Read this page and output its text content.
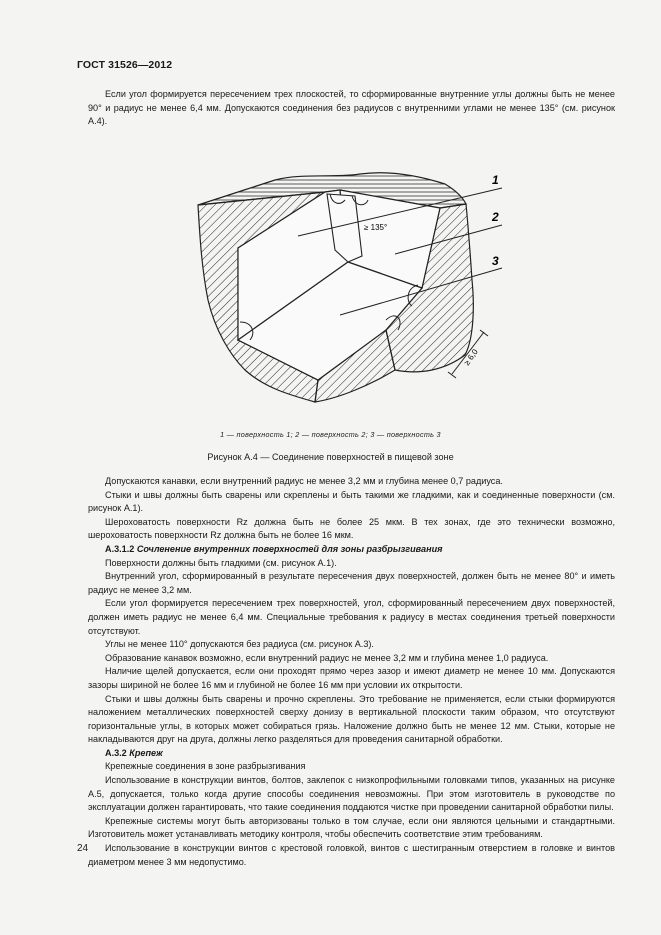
ГОСТ 31526—2012

Если угол формируется пересечением трех плоскостей, то сформированные внутренние углы должны быть не менее 90° и радиус не менее 6,4 мм. Допускаются соединения без радиусов с внутренними углами не менее 135° (см. рисунок А.4).

1
2
3
≥ 135°
≥ 6,0
1 — поверхность 1; 2 — поверхность 2; 3 — поверхность 3
Рисунок А.4 — Соединение поверхностей в пищевой зоне

Допускаются канавки, если внутренний радиус не менее 3,2 мм и глубина менее 0,7 радиуса.

Стыки и швы должны быть сварены или скреплены и быть такими же гладкими, как и соединенные поверхности (см. рисунок А.1).

Шероховатость поверхности Rz должна быть не более 25 мкм. В тех зонах, где это технически возможно, шероховатость поверхности Rz должна быть не более 16 мкм.

А.3.1.2 Сочленение внутренних поверхностей для зоны разбрызгивания

Поверхности должны быть гладкими (см. рисунок А.1).

Внутренний угол, сформированный в результате пересечения двух поверхностей, должен быть не менее 80° и иметь радиус не менее 3,2 мм.

Если угол формируется пересечением трех поверхностей, угол, сформированный пересечением двух поверхностей, должен иметь радиус не менее 6,4 мм. Специальные требования к радиусу в местах соединения третьей поверхности отсутствуют.

Углы не менее 110° допускаются без радиуса (см. рисунок А.3).

Образование канавок возможно, если внутренний радиус не менее 3,2 мм и глубина менее 1,0 радиуса.

Наличие щелей допускается, если они проходят прямо через зазор и имеют диаметр не менее 10 мм. Допускаются зазоры шириной не более 16 мм и глубиной не более 16 мм при условии их открытости.

Стыки и швы должны быть сварены и прочно скреплены. Это требование не применяется, если стыки формируются наложением металлических поверхностей сверху донизу в вертикальной плоскости таким образом, что отсутствуют горизонтальные углы, в которых может собираться грязь. Наложение должно быть не менее 12 мм. Стыки, которые не накладываются друг на друга, должны легко разделяться для проведения санитарной обработки.

А.3.2 Крепеж

Крепежные соединения в зоне разбрызгивания

Использование в конструкции винтов, болтов, заклепок с низкопрофильными головками типов, указанных на рисунке А.5, допускается, только когда другие способы соединения невозможны. При этом изготовитель в руководстве по эксплуатации должен гарантировать, что такие соединения поддаются чистке при проведении санитарной обработки пилы.

Крепежные системы могут быть авторизованы только в том случае, если они являются цельными и стандартными. Изготовитель может устанавливать методику контроля, чтобы обеспечить соответствие этим требованиям.

Использование в конструкции винтов с крестовой головкой, винтов с шестигранным отверстием в головке и винтов диаметром менее 3 мм недопустимо.

24
